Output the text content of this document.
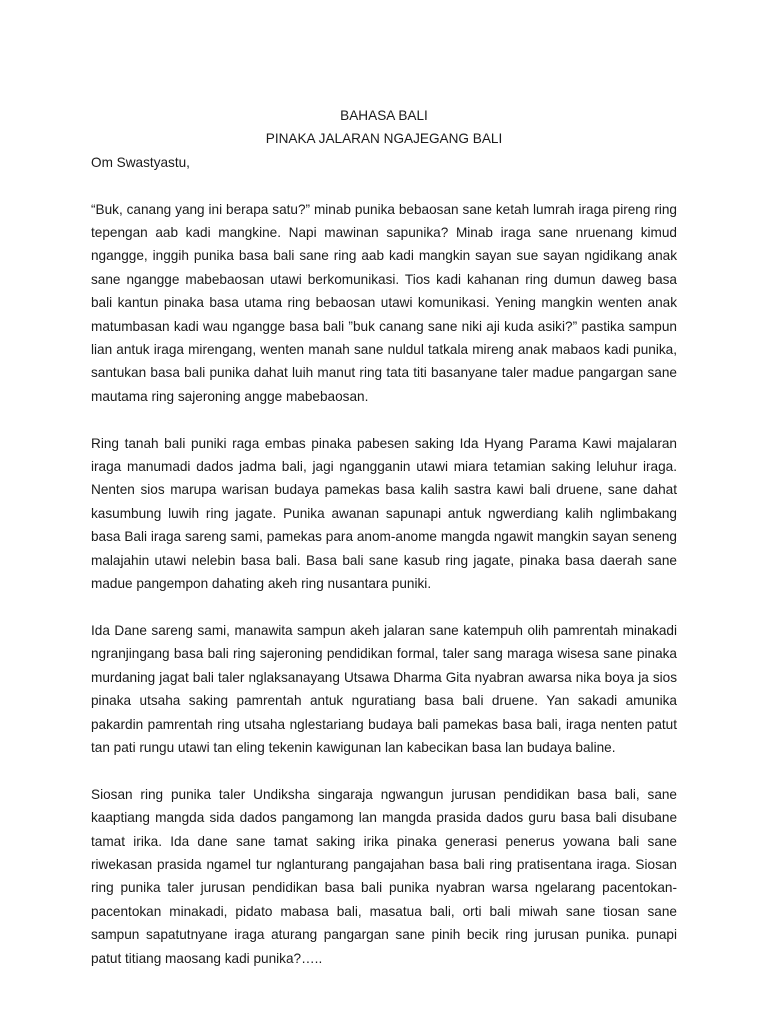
BAHASA BALI

PINAKA JALARAN NGAJEGANG BALI

Om Swastyastu,

“Buk, canang yang ini berapa satu?” minab punika bebaosan sane ketah lumrah iraga pireng ring tepengan aab kadi mangkine. Napi mawinan sapunika? Minab iraga sane nruenang kimud ngangge, inggih punika basa bali sane ring aab kadi mangkin sayan sue sayan ngidikang anak sane ngangge mabebaosan utawi berkomunikasi. Tios kadi kahanan ring dumun daweg basa bali kantun pinaka basa utama ring bebaosan utawi komunikasi. Yening mangkin wenten anak matumbasan kadi wau ngangge basa bali ”buk canang sane niki aji kuda asiki?” pastika sampun lian antuk iraga mirengang, wenten manah sane nuldul tatkala mireng anak mabaos kadi punika, santukan basa bali punika dahat luih manut ring tata titi basanyane taler madue pangargan sane mautama ring sajeroning angge mabebaosan.

Ring tanah bali puniki raga embas pinaka pabesen saking Ida Hyang Parama Kawi majalaran iraga manumadi dados jadma bali, jagi ngangganin utawi miara tetamian saking leluhur iraga. Nenten sios marupa warisan budaya pamekas basa kalih sastra kawi bali druene, sane dahat kasumbung luwih ring jagate. Punika awanan sapunapi antuk ngwerdiang kalih nglimbakang basa Bali iraga sareng sami, pamekas para anom-anome mangda ngawit mangkin sayan seneng malajahin utawi nelebin basa bali. Basa bali sane kasub ring jagate, pinaka basa daerah sane madue pangempon dahating akeh ring nusantara puniki.

Ida Dane sareng sami, manawita sampun akeh jalaran sane katempuh olih pamrentah minakadi ngranjingang basa bali ring sajeroning pendidikan formal, taler sang maraga wisesa sane pinaka murdaning jagat bali taler nglaksanayang Utsawa Dharma Gita nyabran awarsa nika boya ja sios pinaka utsaha saking pamrentah antuk nguratiang basa bali druene. Yan sakadi amunika pakardin pamrentah ring utsaha nglestariang budaya bali pamekas basa bali, iraga nenten patut tan pati rungu utawi tan eling tekenin kawigunan lan kabecikan basa lan budaya baline.

Siosan ring punika taler Undiksha singaraja ngwangun jurusan pendidikan basa bali, sane kaaptiang mangda sida dados pangamong lan mangda prasida dados guru basa bali disubane tamat irika. Ida dane sane tamat saking irika pinaka generasi penerus yowana bali sane riwekasan prasida ngamel tur nglanturang pangajahan basa bali ring pratisentana iraga. Siosan ring punika taler jurusan pendidikan basa bali punika nyabran warsa ngelarang pacentokan-pacentokan minakadi, pidato mabasa bali, masatua bali, orti bali miwah sane tiosan sane sampun sapatutnyane iraga aturang pangargan sane pinih becik ring jurusan punika. punapi patut titiang maosang kadi punika?…..
